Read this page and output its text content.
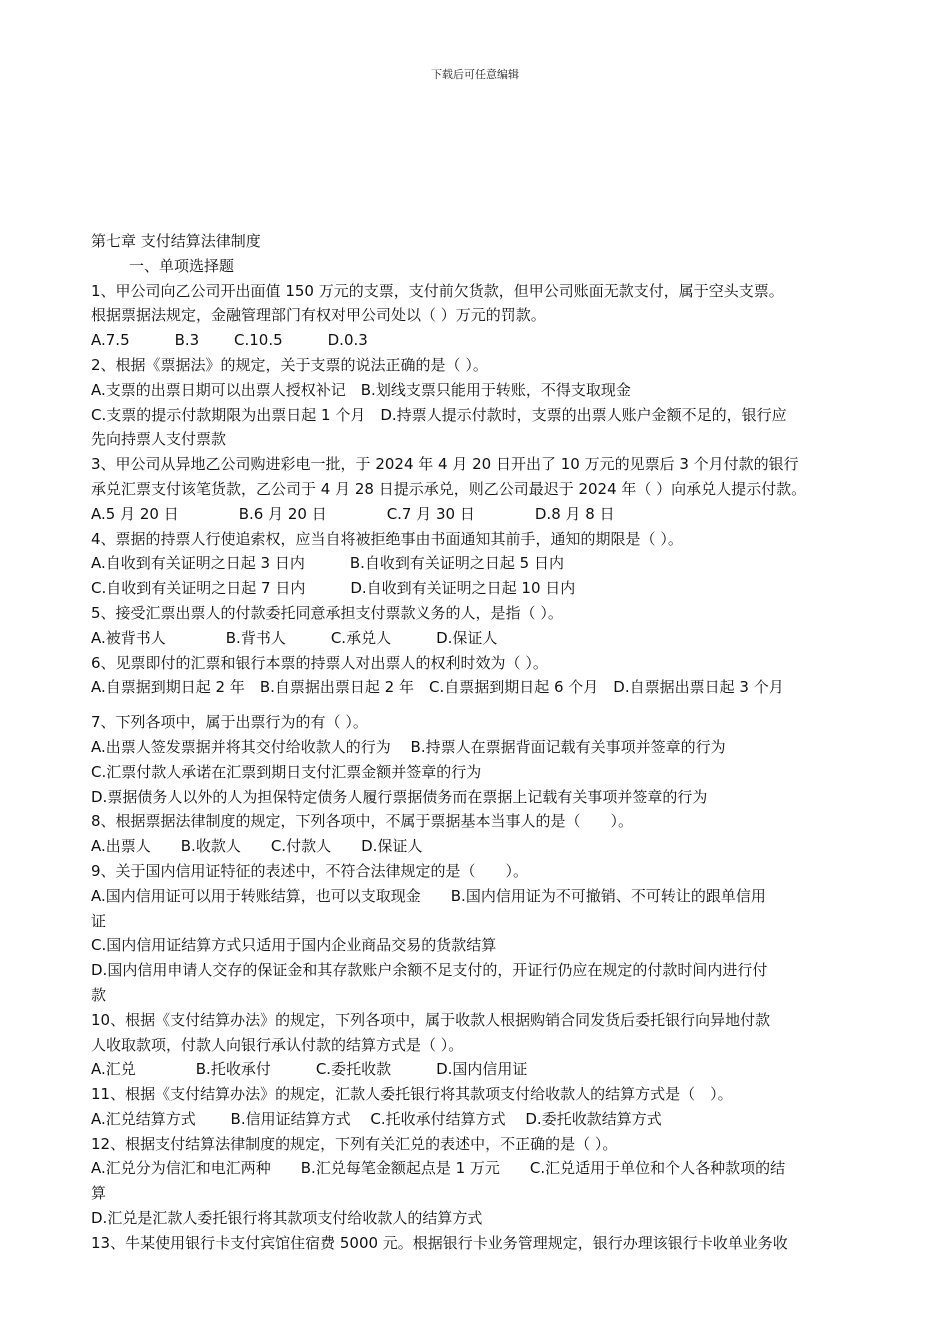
下载后可任意编辑
第七章 支付结算法律制度
一、单项选择题
1、甲公司向乙公司开出面值 150 万元的支票，支付前欠货款，但甲公司账面无款支付，属于空头支票。
根据票据法规定，金融管理部门有权对甲公司处以（ ）万元的罚款。
A.7.5　　　B.3　　 C.10.5　　　D.0.3
2、根据《票据法》的规定，关于支票的说法正确的是（ ）。
A.支票的出票日期可以出票人授权补记　B.划线支票只能用于转账，不得支取现金
C.支票的提示付款期限为出票日起 1 个月　D.持票人提示付款时，支票的出票人账户金额不足的，银行应
先向持票人支付票款
3、甲公司从异地乙公司购进彩电一批，于 2024 年 4 月 20 日开出了 10 万元的见票后 3 个月付款的银行
承兑汇票支付该笔货款，乙公司于 4 月 28 日提示承兑，则乙公司最迟于 2024 年（ ）向承兑人提示付款。
A.5 月 20 日　　　　B.6 月 20 日　　　　C.7 月 30 日　　　　D.8 月 8 日
4、票据的持票人行使追索权，应当自将被拒绝事由书面通知其前手，通知的期限是（ ）。
A.自收到有关证明之日起 3 日内　　　B.自收到有关证明之日起 5 日内
C.自收到有关证明之日起 7 日内　　　D.自收到有关证明之日起 10 日内
5、接受汇票出票人的付款委托同意承担支付票款义务的人，是指（ ）。
A.被背书人　　　　B.背书人　　　C.承兑人　　　D.保证人
6、见票即付的汇票和银行本票的持票人对出票人的权利时效为（ ）。
A.自票据到期日起 2 年　B.自票据出票日起 2 年　C.自票据到期日起 6 个月　D.自票据出票日起 3 个月
7、下列各项中，属于出票行为的有（ ）。
A.出票人签发票据并将其交付给收款人的行为　 B.持票人在票据背面记载有关事项并签章的行为
C.汇票付款人承诺在汇票到期日支付汇票金额并签章的行为
D.票据债务人以外的人为担保特定债务人履行票据债务而在票据上记载有关事项并签章的行为
8、根据票据法律制度的规定，下列各项中，不属于票据基本当事人的是（　　）。
A.出票人　　B.收款人　　C.付款人　　D.保证人
9、关于国内信用证特征的表述中，不符合法律规定的是（　　）。
A.国内信用证可以用于转账结算，也可以支取现金　　B.国内信用证为不可撤销、不可转让的跟单信用
证
C.国内信用证结算方式只适用于国内企业商品交易的货款结算
D.国内信用申请人交存的保证金和其存款账户余额不足支付的，开证行仍应在规定的付款时间内进行付
款
10、根据《支付结算办法》的规定，下列各项中，属于收款人根据购销合同发货后委托银行向异地付款
人收取款项，付款人向银行承认付款的结算方式是（ ）。
A.汇兑　　　　B.托收承付　　　C.委托收款　　　D.国内信用证
11、根据《支付结算办法》的规定，汇款人委托银行将其款项支付给收款人的结算方式是（　）。
A.汇兑结算方式　　 B.信用证结算方式　 C.托收承付结算方式　 D.委托收款结算方式
12、根据支付结算法律制度的规定，下列有关汇兑的表述中，不正确的是（ ）。
A.汇兑分为信汇和电汇两种　　B.汇兑每笔金额起点是 1 万元　　C.汇兑适用于单位和个人各种款项的结
算
D.汇兑是汇款人委托银行将其款项支付给收款人的结算方式
13、牛某使用银行卡支付宾馆住宿费 5000 元。根据银行卡业务管理规定，银行办理该银行卡收单业务收
